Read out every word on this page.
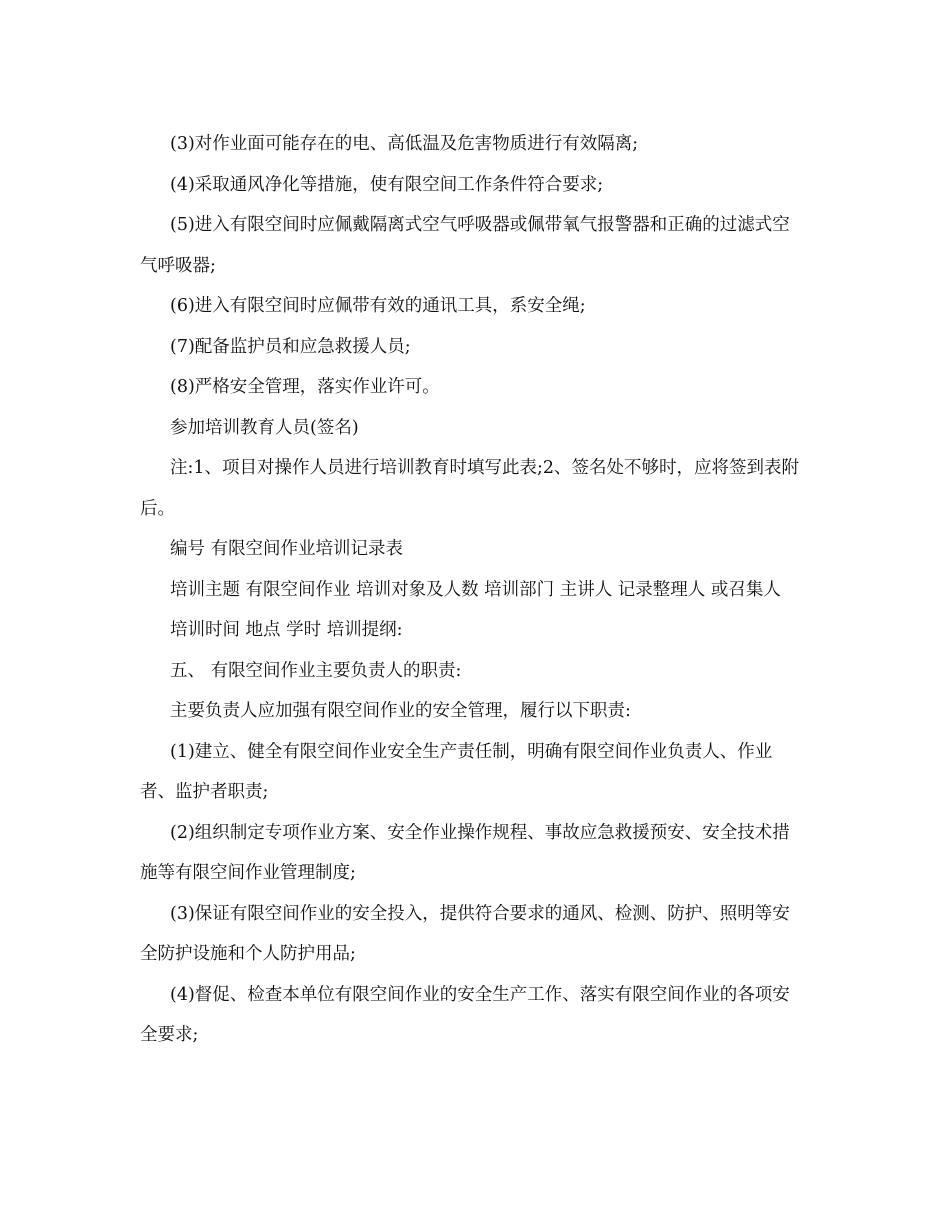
(3)对作业面可能存在的电、高低温及危害物质进行有效隔离;

(4)采取通风净化等措施，使有限空间工作条件符合要求;

(5)进入有限空间时应佩戴隔离式空气呼吸器或佩带氧气报警器和正确的过滤式空气呼吸器;

(6)进入有限空间时应佩带有效的通讯工具，系安全绳;

(7)配备监护员和应急救援人员;

(8)严格安全管理，落实作业许可。

参加培训教育人员(签名)

注:1、项目对操作人员进行培训教育时填写此表;2、签名处不够时，应将签到表附后。

编号 有限空间作业培训记录表

培训主题 有限空间作业 培训对象及人数 培训部门 主讲人 记录整理人 或召集人

培训时间 地点 学时 培训提纲:

五、 有限空间作业主要负责人的职责:

主要负责人应加强有限空间作业的安全管理，履行以下职责:

(1)建立、健全有限空间作业安全生产责任制，明确有限空间作业负责人、作业者、监护者职责;

(2)组织制定专项作业方案、安全作业操作规程、事故应急救援预安、安全技术措施等有限空间作业管理制度;

(3)保证有限空间作业的安全投入，提供符合要求的通风、检测、防护、照明等安全防护设施和个人防护用品;

(4)督促、检查本单位有限空间作业的安全生产工作、落实有限空间作业的各项安全要求;
